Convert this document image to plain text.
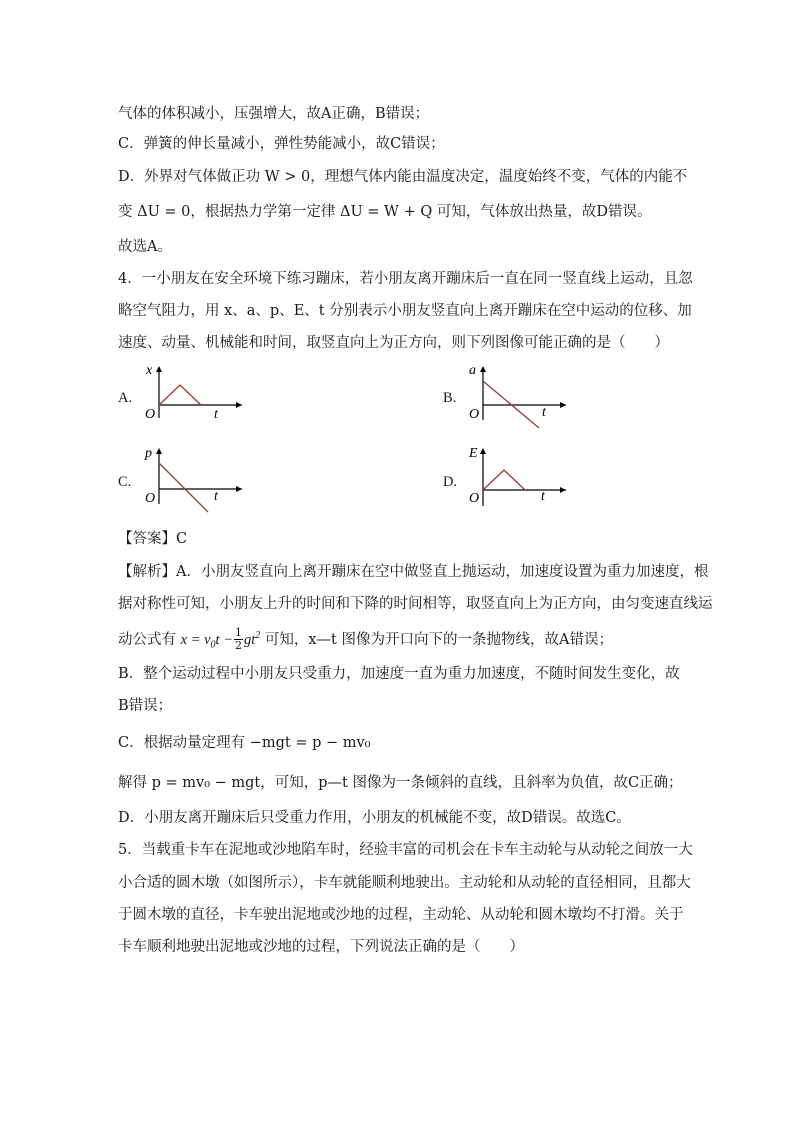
气体的体积减小，压强增大，故A正确，B错误；
C．弹簧的伸长量减小，弹性势能减小，故C错误；
D．外界对气体做正功 W > 0，理想气体内能由温度决定，温度始终不变，气体的内能不
变 ΔU = 0，根据热力学第一定律 ΔU = W + Q 可知，气体放出热量，故D错误。
故选A。
4．一小朋友在安全环境下练习蹦床，若小朋友离开蹦床后一直在同一竖直线上运动，且忽
略空气阻力，用 x、a、p、E、t 分别表示小朋友竖直向上离开蹦床在空中运动的位移、加
速度、动量、机械能和时间，取竖直向上为正方向，则下列图像可能正确的是（　　）
A.
x
t
O
B.
a
t
O
C.
p
t
O
D.
E
t
O
【答案】C
【解析】A．小朋友竖直向上离开蹦床在空中做竖直上抛运动，加速度设置为重力加速度，根
据对称性可知，小朋友上升的时间和下降的时间相等，取竖直向上为正方向，由匀变速直线运
动公式有 $x = v_0t - \frac{1}{2} gt^2$ 可知，x—t 图像为开口向下的一条抛物线，故A错误；
B．整个运动过程中小朋友只受重力，加速度一直为重力加速度，不随时间发生变化，故
B错误；
C．根据动量定理有 −mgt = p − mv₀
解得 p = mv₀ − mgt，可知，p—t 图像为一条倾斜的直线，且斜率为负值，故C正确；
D．小朋友离开蹦床后只受重力作用，小朋友的机械能不变，故D错误。故选C。
5．当载重卡车在泥地或沙地陷车时，经验丰富的司机会在卡车主动轮与从动轮之间放一大
小合适的圆木墩（如图所示），卡车就能顺利地驶出。主动轮和从动轮的直径相同，且都大
于圆木墩的直径，卡车驶出泥地或沙地的过程，主动轮、从动轮和圆木墩均不打滑。关于
卡车顺利地驶出泥地或沙地的过程，下列说法正确的是（　　）
